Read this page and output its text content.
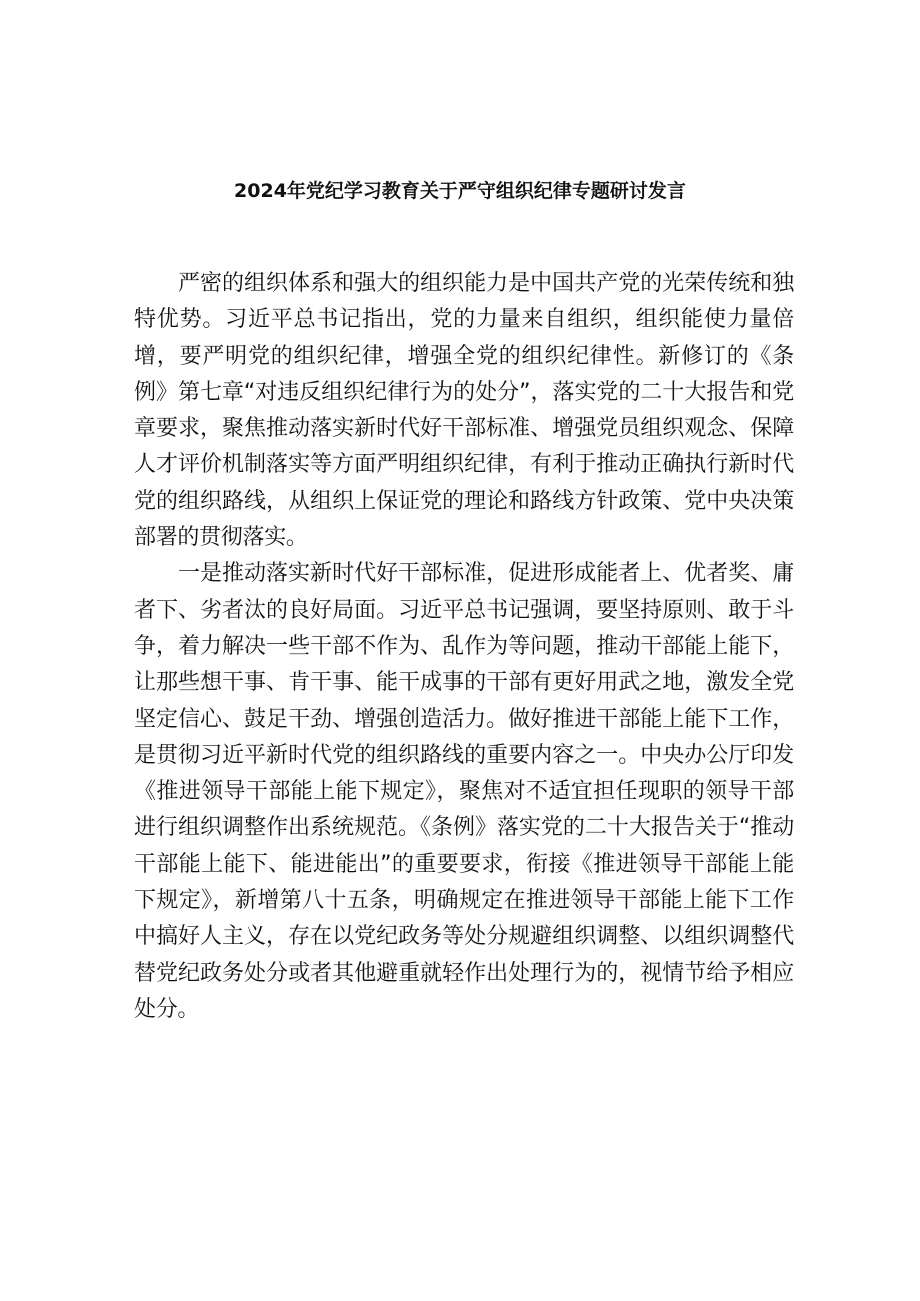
2024年党纪学习教育关于严守组织纪律专题研讨发言

严密的组织体系和强大的组织能力是中国共产党的光荣传统和独特优势。习近平总书记指出，党的力量来自组织，组织能使力量倍增，要严明党的组织纪律，增强全党的组织纪律性。新修订的《条例》第七章“对违反组织纪律行为的处分”，落实党的二十大报告和党章要求，聚焦推动落实新时代好干部标准、增强党员组织观念、保障人才评价机制落实等方面严明组织纪律，有利于推动正确执行新时代党的组织路线，从组织上保证党的理论和路线方针政策、党中央决策部署的贯彻落实。

一是推动落实新时代好干部标准，促进形成能者上、优者奖、庸者下、劣者汰的良好局面。习近平总书记强调，要坚持原则、敢于斗争，着力解决一些干部不作为、乱作为等问题，推动干部能上能下，让那些想干事、肯干事、能干成事的干部有更好用武之地，激发全党坚定信心、鼓足干劲、增强创造活力。做好推进干部能上能下工作，是贯彻习近平新时代党的组织路线的重要内容之一。中央办公厅印发《推进领导干部能上能下规定》，聚焦对不适宜担任现职的领导干部进行组织调整作出系统规范。《条例》落实党的二十大报告关于“推动干部能上能下、能进能出”的重要要求，衔接《推进领导干部能上能下规定》，新增第八十五条，明确规定在推进领导干部能上能下工作中搞好人主义，存在以党纪政务等处分规避组织调整、以组织调整代替党纪政务处分或者其他避重就轻作出处理行为的，视情节给予相应处分。
